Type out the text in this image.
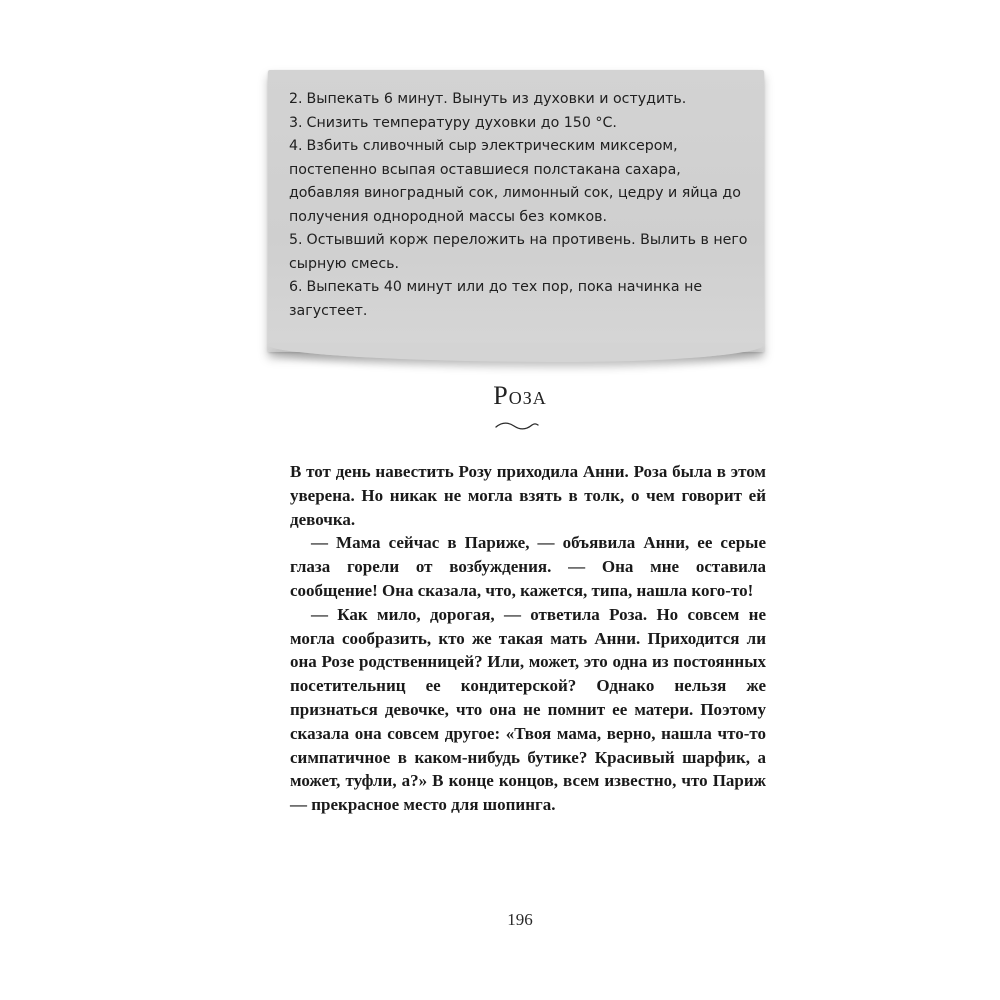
2. Выпекать 6 минут. Вынуть из духовки и остудить.
3. Снизить температуру духовки до 150 °C.
4. Взбить сливочный сыр электрическим миксером, постепенно всыпая оставшиеся полстакана сахара, добавляя виноградный сок, лимонный сок, цедру и яйца до получения однородной массы без комков.
5. Остывший корж переложить на противень. Вылить в него сырную смесь.
6. Выпекать 40 минут или до тех пор, пока начинка не загустеет.
Роза

В тот день навестить Розу приходила Анни. Роза была в этом уверена. Но никак не могла взять в толк, о чем говорит ей девочка.

— Мама сейчас в Париже, — объявила Анни, ее серые глаза горели от возбуждения. — Она мне оставила сообщение! Она сказала, что, кажется, типа, нашла кого-то!

— Как мило, дорогая, — ответила Роза. Но совсем не могла сообразить, кто же такая мать Анни. Приходится ли она Розе родственницей? Или, может, это одна из постоянных посетительниц ее кондитерской? Однако нельзя же признаться девочке, что она не помнит ее матери. Поэтому сказала она совсем другое: «Твоя мама, верно, нашла что-то симпатичное в каком-нибудь бутике? Красивый шарфик, а может, туфли, а?» В конце концов, всем известно, что Париж — прекрасное место для шопинга.

196
